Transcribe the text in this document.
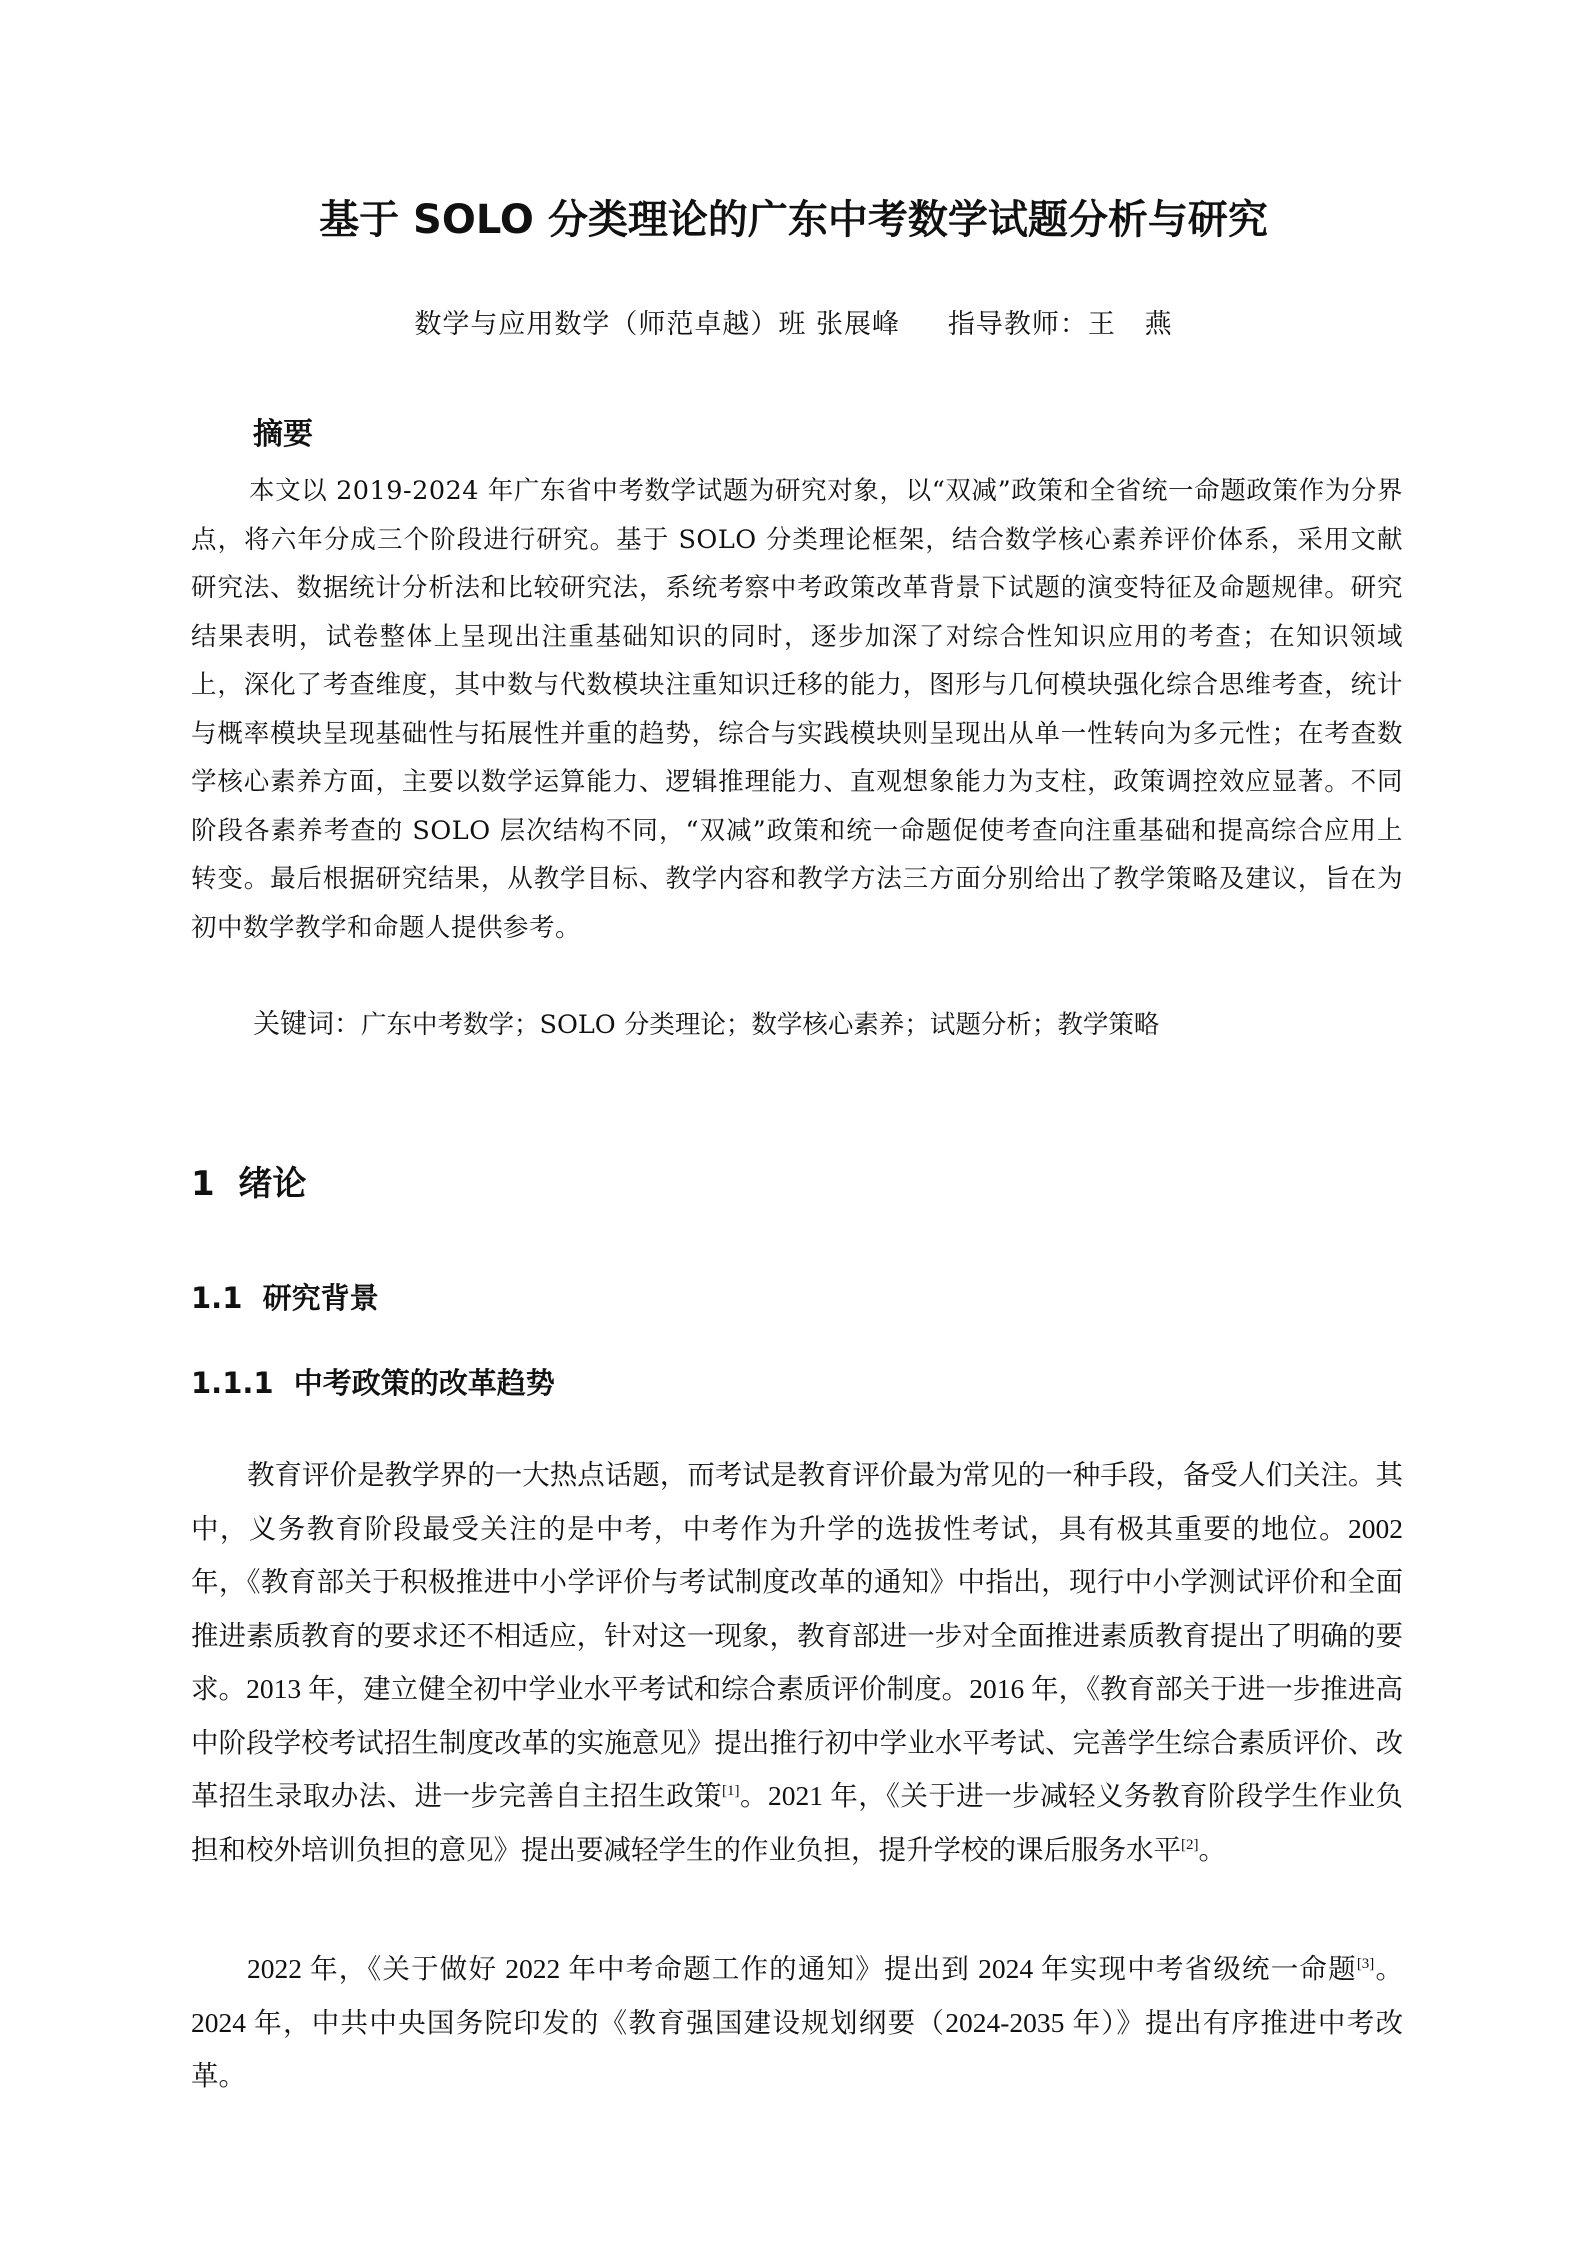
基于 SOLO 分类理论的广东中考数学试题分析与研究
数学与应用数学（师范卓越）班 张展峰     指导教师：王   燕
摘要

本文以 2019-2024 年广东省中考数学试题为研究对象，以“双减”政策和全省统一命题政策作为分界点，将六年分成三个阶段进行研究。基于 SOLO 分类理论框架，结合数学核心素养评价体系，采用文献研究法、数据统计分析法和比较研究法，系统考察中考政策改革背景下试题的演变特征及命题规律。研究结果表明，试卷整体上呈现出注重基础知识的同时，逐步加深了对综合性知识应用的考查；在知识领域上，深化了考查维度，其中数与代数模块注重知识迁移的能力，图形与几何模块强化综合思维考查，统计与概率模块呈现基础性与拓展性并重的趋势，综合与实践模块则呈现出从单一性转向为多元性；在考查数学核心素养方面，主要以数学运算能力、逻辑推理能力、直观想象能力为支柱，政策调控效应显著。不同阶段各素养考查的 SOLO 层次结构不同，“双减”政策和统一命题促使考查向注重基础和提高综合应用上转变。最后根据研究结果，从教学目标、教学内容和教学方法三方面分别给出了教学策略及建议，旨在为初中数学教学和命题人提供参考。

关键词：广东中考数学；SOLO 分类理论；数学核心素养；试题分析；教学策略

1  绪论
1.1  研究背景
1.1.1  中考政策的改革趋势

教育评价是教学界的一大热点话题，而考试是教育评价最为常见的一种手段，备受人们关注。其中，义务教育阶段最受关注的是中考，中考作为升学的选拔性考试，具有极其重要的地位。2002 年，《教育部关于积极推进中小学评价与考试制度改革的通知》中指出，现行中小学测试评价和全面推进素质教育的要求还不相适应，针对这一现象，教育部进一步对全面推进素质教育提出了明确的要求。2013 年，建立健全初中学业水平考试和综合素质评价制度。2016 年，《教育部关于进一步推进高中阶段学校考试招生制度改革的实施意见》提出推行初中学业水平考试、完善学生综合素质评价、改革招生录取办法、进一步完善自主招生政策[1]。2021 年，《关于进一步减轻义务教育阶段学生作业负担和校外培训负担的意见》提出要减轻学生的作业负担，提升学校的课后服务水平[2]。

2022 年，《关于做好 2022 年中考命题工作的通知》提出到 2024 年实现中考省级统一命题[3]。2024 年，中共中央国务院印发的《教育强国建设规划纲要（2024-2035 年）》提出有序推进中考改革。
